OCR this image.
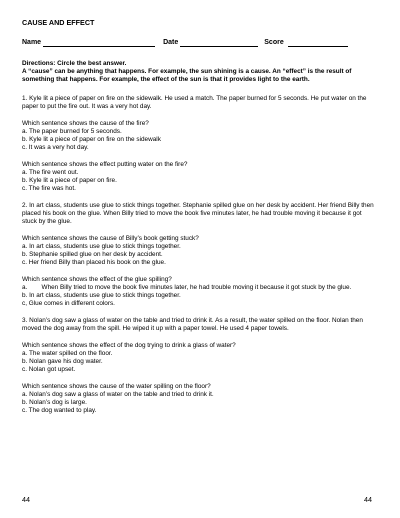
CAUSE AND EFFECT
Name	Date	Score
Directions: Circle the best answer.
A “cause” can be anything that happens. For example, the sun shining is a cause. An “effect” is the result of something that happens. For example, the effect of the sun is that it provides light to the earth.
1. Kyle lit a piece of paper on fire on the sidewalk. He used a match. The paper burned for 5 seconds. He put water on the paper to put the fire out. It was a very hot day.
Which sentence shows the cause of the fire?
a. The paper burned for 5 seconds.
b. Kyle lit a piece of paper on fire on the sidewalk
c. It was a very hot day.
Which sentence shows the effect putting water on the fire?
a. The fire went out.
b. Kyle lit a piece of paper on fire.
c. The fire was hot.
2. In art class, students use glue to stick things together. Stephanie spilled glue on her desk by accident. Her friend Billy then placed his book on the glue. When Billy tried to move the book five minutes later, he had trouble moving it because it got stuck by the glue.
Which sentence shows the cause of Billy’s book getting stuck?
a. In art class, students use glue to stick things together.
b. Stephanie spilled glue on her desk by accident.
c. Her friend Billy than placed his book on the glue.
Which sentence shows the effect of the glue spilling?
a.        When Billy tried to move the book five minutes later, he had trouble moving it because it got stuck by the glue.
b. In art class, students use glue to stick things together.
c, Glue comes in different colors.
3. Nolan’s dog saw a glass of water on the table and tried to drink it. As a result, the water spilled on the floor. Nolan then moved the dog away from the spill. He wiped it up with a paper towel. He used 4 paper towels.
Which sentence shows the effect of the dog trying to drink a glass of water?
a. The water spilled on the floor.
b. Nolan gave his dog water.
c. Nolan got upset.
Which sentence shows the cause of the water spilling on the floor?
a. Nolan’s dog saw a glass of water on the table and tried to drink it.
b. Nolan’s dog is large.
c. The dog wanted to play.
44	44
